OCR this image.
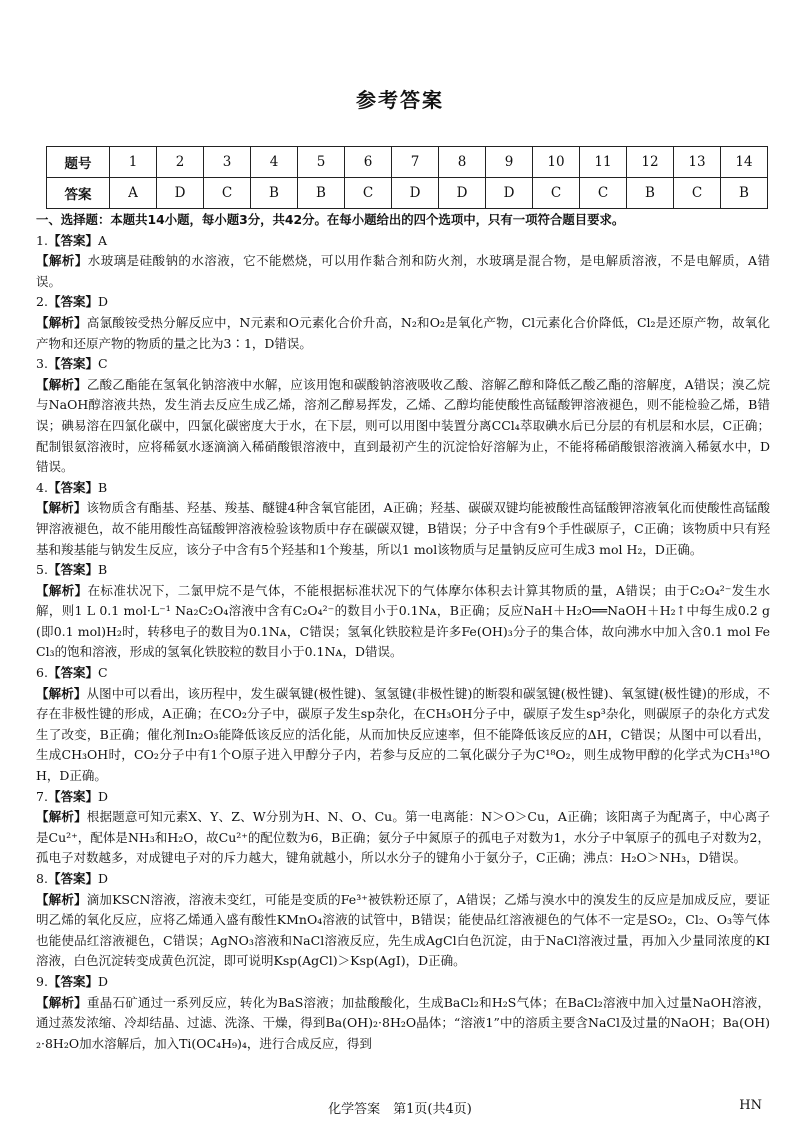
参考答案
题号	1	2	3	4	5	6	7	8	9	10	11	12	13	14
答案	A	D	C	B	B	C	D	D	D	C	C	B	C	B

一、选择题：本题共14小题，每小题3分，共42分。在每小题给出的四个选项中，只有一项符合题目要求。

1.【答案】A

【解析】水玻璃是硅酸钠的水溶液，它不能燃烧，可以用作黏合剂和防火剂，水玻璃是混合物，是电解质溶液，不是电解质，A错误。

2.【答案】D

【解析】高氯酸铵受热分解反应中，N元素和O元素化合价升高，N₂和O₂是氧化产物，Cl元素化合价降低，Cl₂是还原产物，故氧化产物和还原产物的物质的量之比为3∶1，D错误。

3.【答案】C

【解析】乙酸乙酯能在氢氧化钠溶液中水解，应该用饱和碳酸钠溶液吸收乙酸、溶解乙醇和降低乙酸乙酯的溶解度，A错误；溴乙烷与NaOH醇溶液共热，发生消去反应生成乙烯，溶剂乙醇易挥发，乙烯、乙醇均能使酸性高锰酸钾溶液褪色，则不能检验乙烯，B错误；碘易溶在四氯化碳中，四氯化碳密度大于水，在下层，则可以用图中装置分离CCl₄萃取碘水后已分层的有机层和水层，C正确；配制银氨溶液时，应将稀氨水逐滴滴入稀硝酸银溶液中，直到最初产生的沉淀恰好溶解为止，不能将稀硝酸银溶液滴入稀氨水中，D错误。

4.【答案】B

【解析】该物质含有酯基、羟基、羧基、醚键4种含氧官能团，A正确；羟基、碳碳双键均能被酸性高锰酸钾溶液氧化而使酸性高锰酸钾溶液褪色，故不能用酸性高锰酸钾溶液检验该物质中存在碳碳双键，B错误；分子中含有9个手性碳原子，C正确；该物质中只有羟基和羧基能与钠发生反应，该分子中含有5个羟基和1个羧基，所以1 mol该物质与足量钠反应可生成3 mol H₂，D正确。

5.【答案】B

【解析】在标准状况下，二氯甲烷不是气体，不能根据标准状况下的气体摩尔体积去计算其物质的量，A错误；由于C₂O₄²⁻发生水解，则1 L 0.1 mol·L⁻¹ Na₂C₂O₄溶液中含有C₂O₄²⁻的数目小于0.1Nᴀ，B正确；反应NaH＋H₂O══NaOH＋H₂↑中每生成0.2 g(即0.1 mol)H₂时，转移电子的数目为0.1Nᴀ，C错误；氢氧化铁胶粒是许多Fe(OH)₃分子的集合体，故向沸水中加入含0.1 mol FeCl₃的饱和溶液，形成的氢氧化铁胶粒的数目小于0.1Nᴀ，D错误。

6.【答案】C

【解析】从图中可以看出，该历程中，发生碳氧键(极性键)、氢氢键(非极性键)的断裂和碳氢键(极性键)、氧氢键(极性键)的形成，不存在非极性键的形成，A正确；在CO₂分子中，碳原子发生sp杂化，在CH₃OH分子中，碳原子发生sp³杂化，则碳原子的杂化方式发生了改变，B正确；催化剂In₂O₃能降低该反应的活化能，从而加快反应速率，但不能降低该反应的ΔH，C错误；从图中可以看出，生成CH₃OH时，CO₂分子中有1个O原子进入甲醇分子内，若参与反应的二氧化碳分子为C¹⁸O₂，则生成物甲醇的化学式为CH₃¹⁸OH，D正确。

7.【答案】D

【解析】根据题意可知元素X、Y、Z、W分别为H、N、O、Cu。第一电离能：N＞O＞Cu，A正确；该阳离子为配离子，中心离子是Cu²⁺，配体是NH₃和H₂O，故Cu²⁺的配位数为6，B正确；氨分子中氮原子的孤电子对数为1，水分子中氧原子的孤电子对数为2，孤电子对数越多，对成键电子对的斥力越大，键角就越小，所以水分子的键角小于氨分子，C正确；沸点：H₂O＞NH₃，D错误。

8.【答案】D

【解析】滴加KSCN溶液，溶液未变红，可能是变质的Fe³⁺被铁粉还原了，A错误；乙烯与溴水中的溴发生的反应是加成反应，要证明乙烯的氧化反应，应将乙烯通入盛有酸性KMnO₄溶液的试管中，B错误；能使品红溶液褪色的气体不一定是SO₂，Cl₂、O₃等气体也能使品红溶液褪色，C错误；AgNO₃溶液和NaCl溶液反应，先生成AgCl白色沉淀，由于NaCl溶液过量，再加入少量同浓度的KI溶液，白色沉淀转变成黄色沉淀，即可说明Ksp(AgCl)＞Ksp(AgI)，D正确。

9.【答案】D

【解析】重晶石矿通过一系列反应，转化为BaS溶液；加盐酸酸化，生成BaCl₂和H₂S气体；在BaCl₂溶液中加入过量NaOH溶液，通过蒸发浓缩、冷却结晶、过滤、洗涤、干燥，得到Ba(OH)₂·8H₂O晶体；“溶液1”中的溶质主要含NaCl及过量的NaOH；Ba(OH)₂·8H₂O加水溶解后，加入Ti(OC₄H₉)₄，进行合成反应，得到

化学答案　第1页(共4页)	HN
